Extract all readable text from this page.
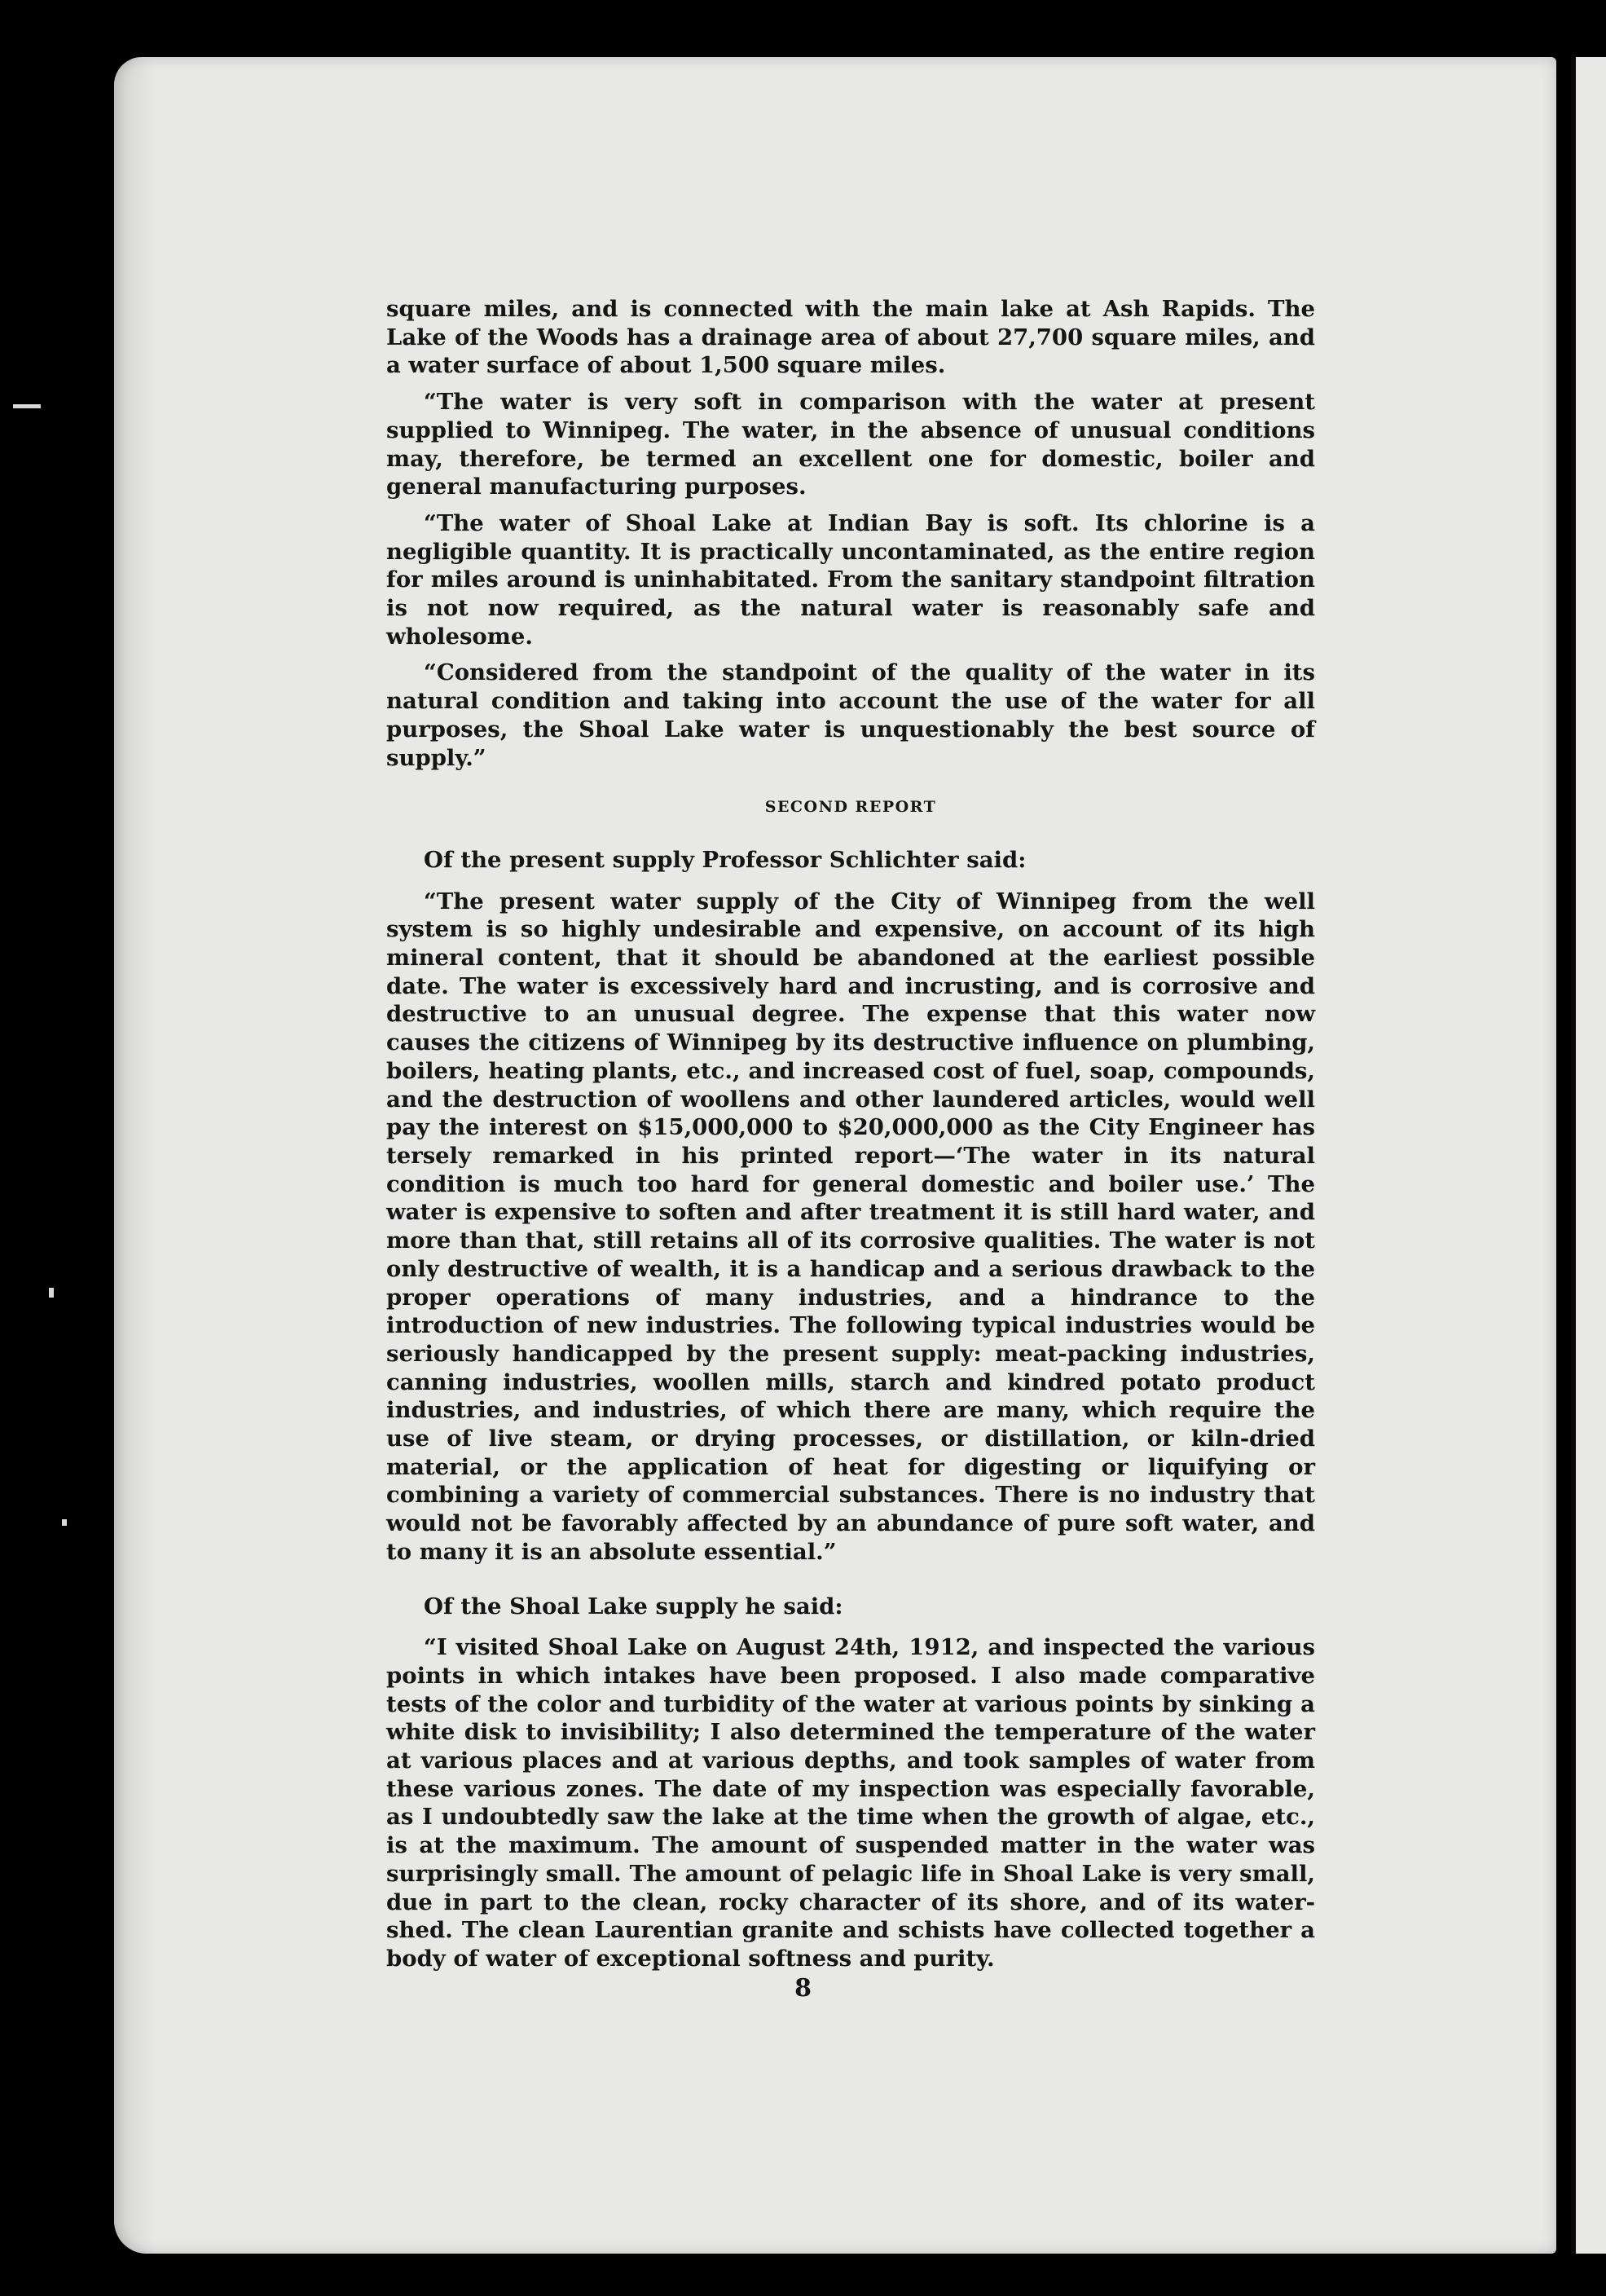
square miles, and is connected with the main lake at Ash Rapids. The Lake of the Woods has a drainage area of about 27,700 square miles, and a water surface of about 1,500 square miles.

“The water is very soft in comparison with the water at present supplied to Winnipeg. The water, in the absence of unusual conditions may, therefore, be termed an excellent one for domestic, boiler and general manufacturing purposes.

“The water of Shoal Lake at Indian Bay is soft. Its chlorine is a negligible quantity. It is practically uncontaminated, as the entire region for miles around is uninhabitated. From the sanitary standpoint filtration is not now required, as the natural water is reasonably safe and wholesome.

“Considered from the standpoint of the quality of the water in its natural condition and taking into account the use of the water for all purposes, the Shoal Lake water is unquestionably the best source of supply.”

SECOND REPORT

Of the present supply Professor Schlichter said:

“The present water supply of the City of Winnipeg from the well system is so highly undesirable and expensive, on account of its high mineral content, that it should be abandoned at the earliest possible date. The water is excessively hard and incrusting, and is corrosive and destructive to an unusual degree. The expense that this water now causes the citizens of Winnipeg by its destructive influence on plumbing, boilers, heating plants, etc., and increased cost of fuel, soap, compounds, and the destruction of woollens and other laundered articles, would well pay the interest on $15,000,000 to $20,000,000 as the City Engineer has tersely remarked in his printed report—‘The water in its natural condition is much too hard for general domestic and boiler use.’ The water is expensive to soften and after treatment it is still hard water, and more than that, still retains all of its corrosive qualities. The water is not only destructive of wealth, it is a handicap and a serious drawback to the proper operations of many industries, and a hindrance to the introduction of new industries. The following typical industries would be seriously handicapped by the present supply: meat-packing industries, canning industries, woollen mills, starch and kindred potato product industries, and industries, of which there are many, which require the use of live steam, or drying processes, or distillation, or kiln-dried material, or the application of heat for digesting or liquifying or combining a variety of commercial substances. There is no industry that would not be favorably affected by an abundance of pure soft water, and to many it is an absolute essential.”

Of the Shoal Lake supply he said:

“I visited Shoal Lake on August 24th, 1912, and inspected the various points in which intakes have been proposed. I also made comparative tests of the color and turbidity of the water at various points by sinking a white disk to invisibility; I also determined the temperature of the water at various places and at various depths, and took samples of water from these various zones. The date of my inspection was especially favorable, as I undoubtedly saw the lake at the time when the growth of algae, etc., is at the maximum. The amount of suspended matter in the water was surprisingly small. The amount of pelagic life in Shoal Lake is very small, due in part to the clean, rocky character of its shore, and of its water-shed. The clean Laurentian granite and schists have collected together a body of water of exceptional softness and purity.

8
